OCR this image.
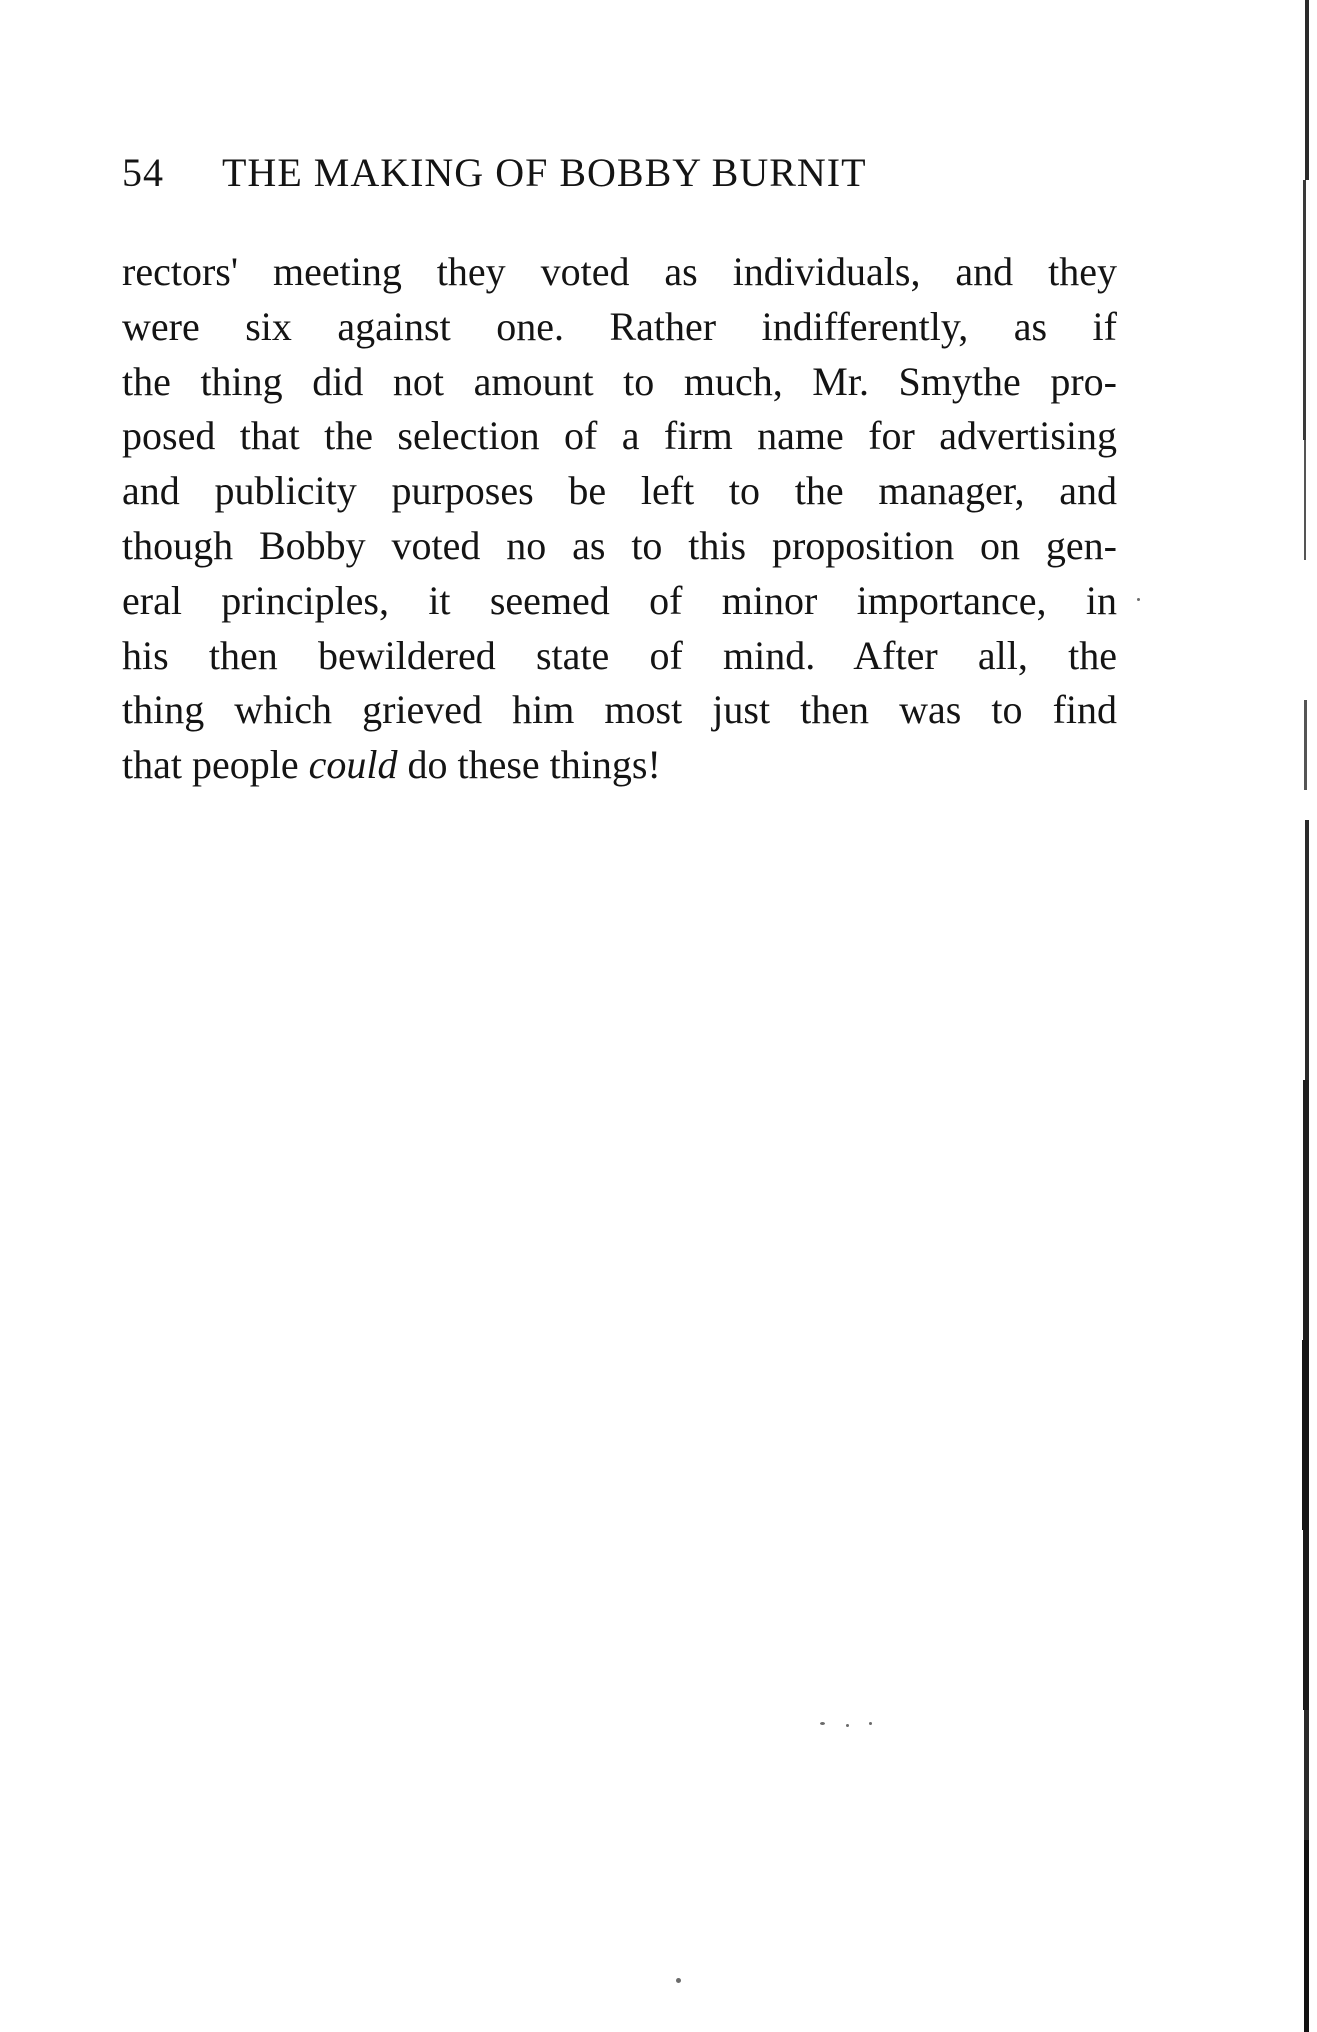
54 THE MAKING OF BOBBY BURNIT
rectors' meeting they voted as individuals, and they
were six against one. Rather indifferently, as if
the thing did not amount to much, Mr. Smythe pro-
posed that the selection of a firm name for advertising
and publicity purposes be left to the manager, and
though Bobby voted no as to this proposition on gen-
eral principles, it seemed of minor importance, in
his then bewildered state of mind. After all, the
thing which grieved him most just then was to find
that people could do these things!
